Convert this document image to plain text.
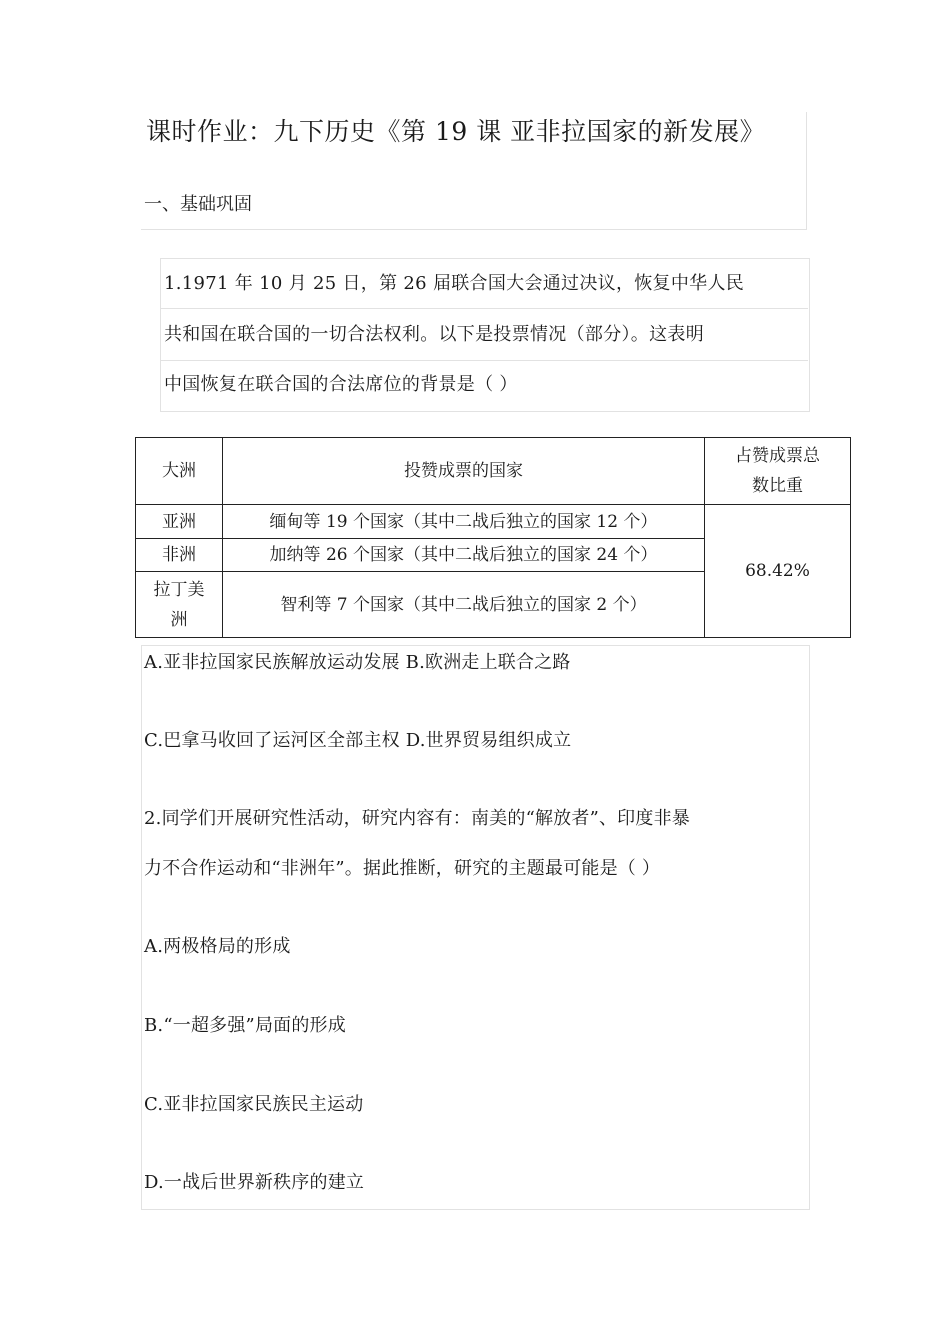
课时作业：九下历史《第 19 课 亚非拉国家的新发展》
一、基础巩固
1.1971 年 10 月 25 日，第 26 届联合国大会通过决议，恢复中华人民
共和国在联合国的一切合法权利。以下是投票情况（部分）。这表明
中国恢复在联合国的合法席位的背景是（ ）
大洲	投赞成票的国家	占赞成票总数比重
亚洲	缅甸等 19 个国家（其中二战后独立的国家 12 个）	68.42%
非洲	加纳等 26 个国家（其中二战后独立的国家 24 个）	
拉丁美洲	智利等 7 个国家（其中二战后独立的国家 2 个）	
A.亚非拉国家民族解放运动发展 B.欧洲走上联合之路
C.巴拿马收回了运河区全部主权 D.世界贸易组织成立
2.同学们开展研究性活动，研究内容有：南美的“解放者”、印度非暴
力不合作运动和“非洲年”。据此推断，研究的主题最可能是（ ）
A.两极格局的形成
B.“一超多强”局面的形成
C.亚非拉国家民族民主运动
D.一战后世界新秩序的建立
